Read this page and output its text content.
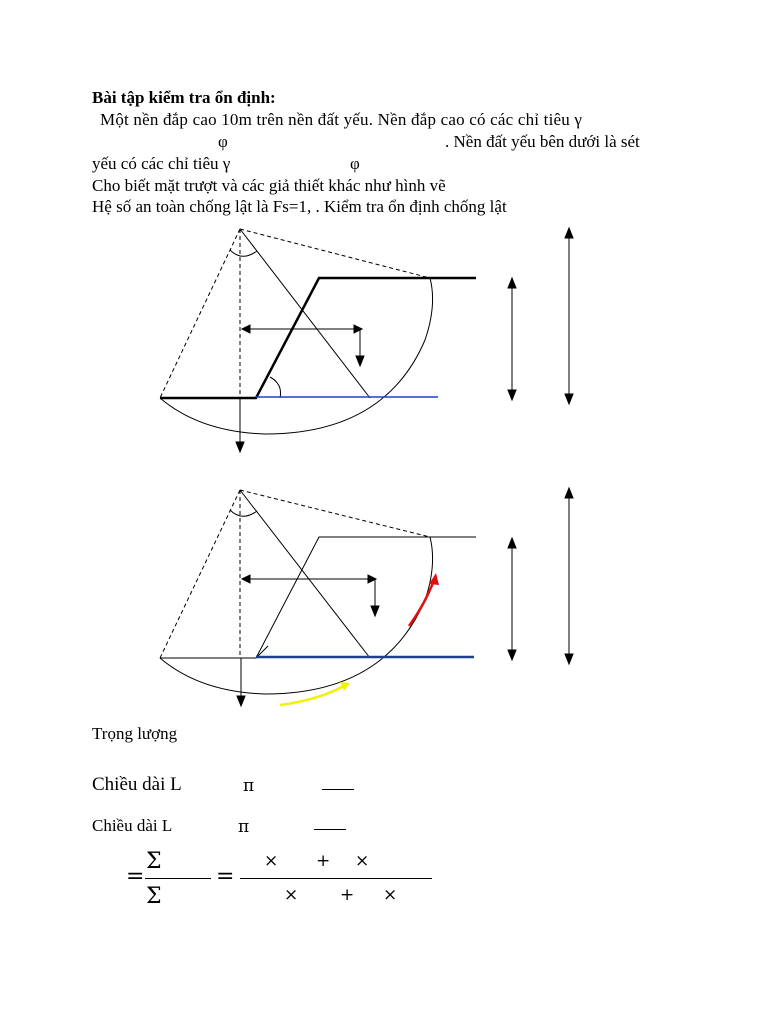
Bài tập kiểm tra ổn định:
Một nền đắp cao 10m trên nền đất yếu. Nền đắp cao có các chỉ tiêu γ
φ	. Nền đất yếu bên dưới là sét
yếu có các chỉ tiêu γ	φ
Cho biết mặt trượt và các giả thiết khác như hình vẽ
Hệ số an toàn chống lật là Fs=1, . Kiểm tra ổn định chống lật
Trọng lượng
Chiều dài L	π
Chiều dài L	π
=
Σ
Σ
=
× + ×
× + ×
